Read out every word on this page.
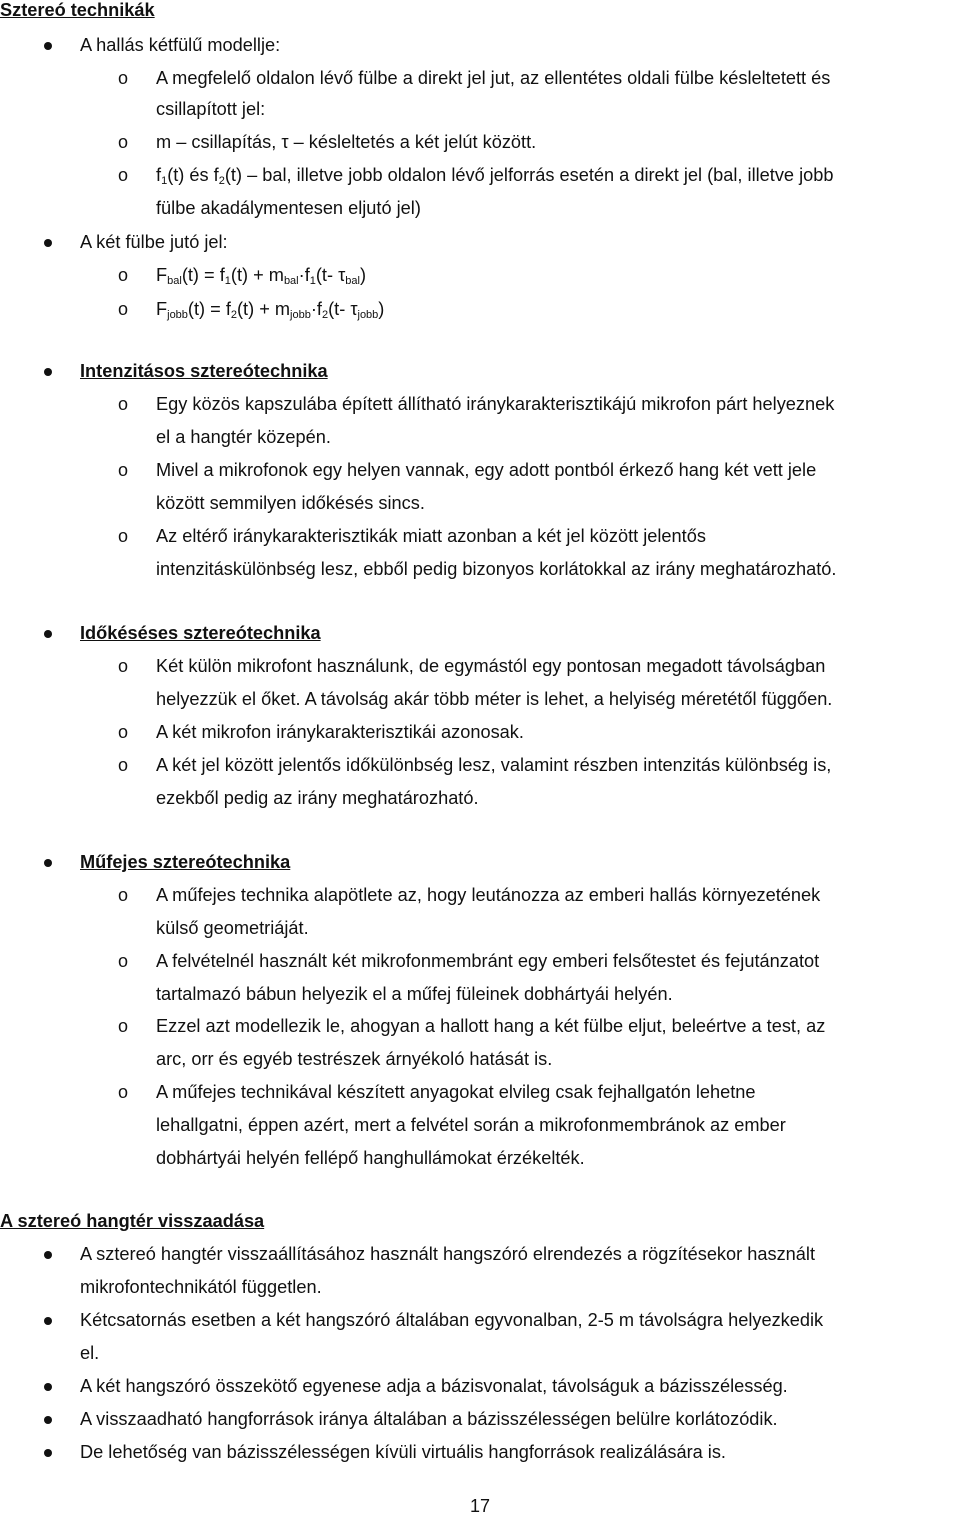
Sztereó technikák
A hallás kétfülű modellje:
o A megfelelő oldalon lévő fülbe a direkt jel jut, az ellentétes oldali fülbe késleltetett és
csillapított jel:
o m – csillapítás, τ – késleltetés a két jelút között.
o $f_1(t)$ és $f_2(t)$ – bal, illetve jobb oldalon lévő jelforrás esetén a direkt jel (bal, illetve jobb
fülbe akadálymentesen eljutó jel)
A két fülbe jutó jel:
o $F_{bal}(t) = f_1(t) + m_{bal}\cdot f_1(t-$ $\tau_{bal}$)
o $F_{jobb}(t) = f_2(t) + m_{jobb}\cdot f_2(t-$ $\tau_{jobb}$)
Intenzitásos sztereótechnika
o Egy közös kapszulába épített állítható iránykarakterisztikájú mikrofon párt helyeznek
el a hangtér közepén.
o Mivel a mikrofonok egy helyen vannak, egy adott pontból érkező hang két vett jele
között semmilyen időkésés sincs.
o Az eltérő iránykarakterisztikák miatt azonban a két jel között jelentős
intenzitáskülönbség lesz, ebből pedig bizonyos korlátokkal az irány meghatározható.
Időkéséses sztereótechnika
o Két külön mikrofont használunk, de egymástól egy pontosan megadott távolságban
helyezzük el őket. A távolság akár több méter is lehet, a helyiség méretétől függően.
o A két mikrofon iránykarakterisztikái azonosak.
o A két jel között jelentős időkülönbség lesz, valamint részben intenzitás különbség is,
ezekből pedig az irány meghatározható.
Műfejes sztereótechnika
o A műfejes technika alapötlete az, hogy leutánozza az emberi hallás környezetének
külső geometriáját.
o A felvételnél használt két mikrofonmembránt egy emberi felsőtestet és fejutánzatot
tartalmazó bábun helyezik el a műfej füleinek dobhártyái helyén.
o Ezzel azt modellezik le, ahogyan a hallott hang a két fülbe eljut, beleértve a test, az
arc, orr és egyéb testrészek árnyékoló hatását is.
o A műfejes technikával készített anyagokat elvileg csak fejhallgatón lehetne
lehallgatni, éppen azért, mert a felvétel során a mikrofonmembránok az ember
dobhártyái helyén fellépő hanghullámokat érzékelték.
A sztereó hangtér visszaadása
A sztereó hangtér visszaállításához használt hangszóró elrendezés a rögzítésekor használt
mikrofontechnikától független.
Kétcsatornás esetben a két hangszóró általában egyvonalban, 2-5 m távolságra helyezkedik
el.
A két hangszóró összekötő egyenese adja a bázisvonalat, távolságuk a bázisszélesség.
A visszaadható hangforrások iránya általában a bázisszélességen belülre korlátozódik.
De lehetőség van bázisszélességen kívüli virtuális hangforrások realizálására is.
17
